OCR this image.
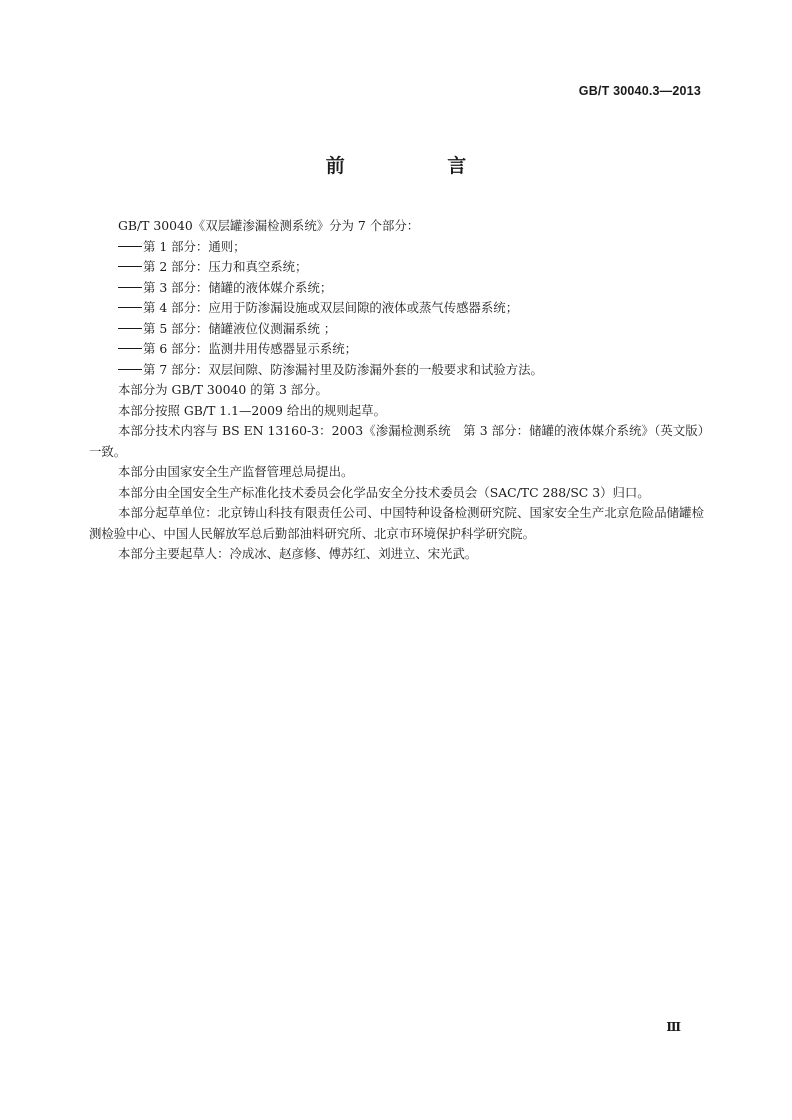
GB/T 30040.3—2013
前 言

GB/T 30040《双层罐渗漏检测系统》分为 7 个部分：

第 1 部分：通则；

第 2 部分：压力和真空系统；

第 3 部分：储罐的液体媒介系统；

第 4 部分：应用于防渗漏设施或双层间隙的液体或蒸气传感器系统；

第 5 部分：储罐液位仪测漏系统 ；

第 6 部分：监测井用传感器显示系统；

第 7 部分：双层间隙、防渗漏衬里及防渗漏外套的一般要求和试验方法。

本部分为 GB/T 30040 的第 3 部分。

本部分按照 GB/T 1.1—2009 给出的规则起草。

本部分技术内容与 BS EN 13160-3：2003《渗漏检测系统　第 3 部分：储罐的液体媒介系统》（英文版）一致。

本部分由国家安全生产监督管理总局提出。

本部分由全国安全生产标准化技术委员会化学品安全分技术委员会（SAC/TC 288/SC 3）归口。

本部分起草单位：北京铸山科技有限责任公司、中国特种设备检测研究院、国家安全生产北京危险品储罐检测检验中心、中国人民解放军总后勤部油料研究所、北京市环境保护科学研究院。

本部分主要起草人：冷成冰、赵彦修、傅苏红、刘进立、宋光武。

Ⅲ
